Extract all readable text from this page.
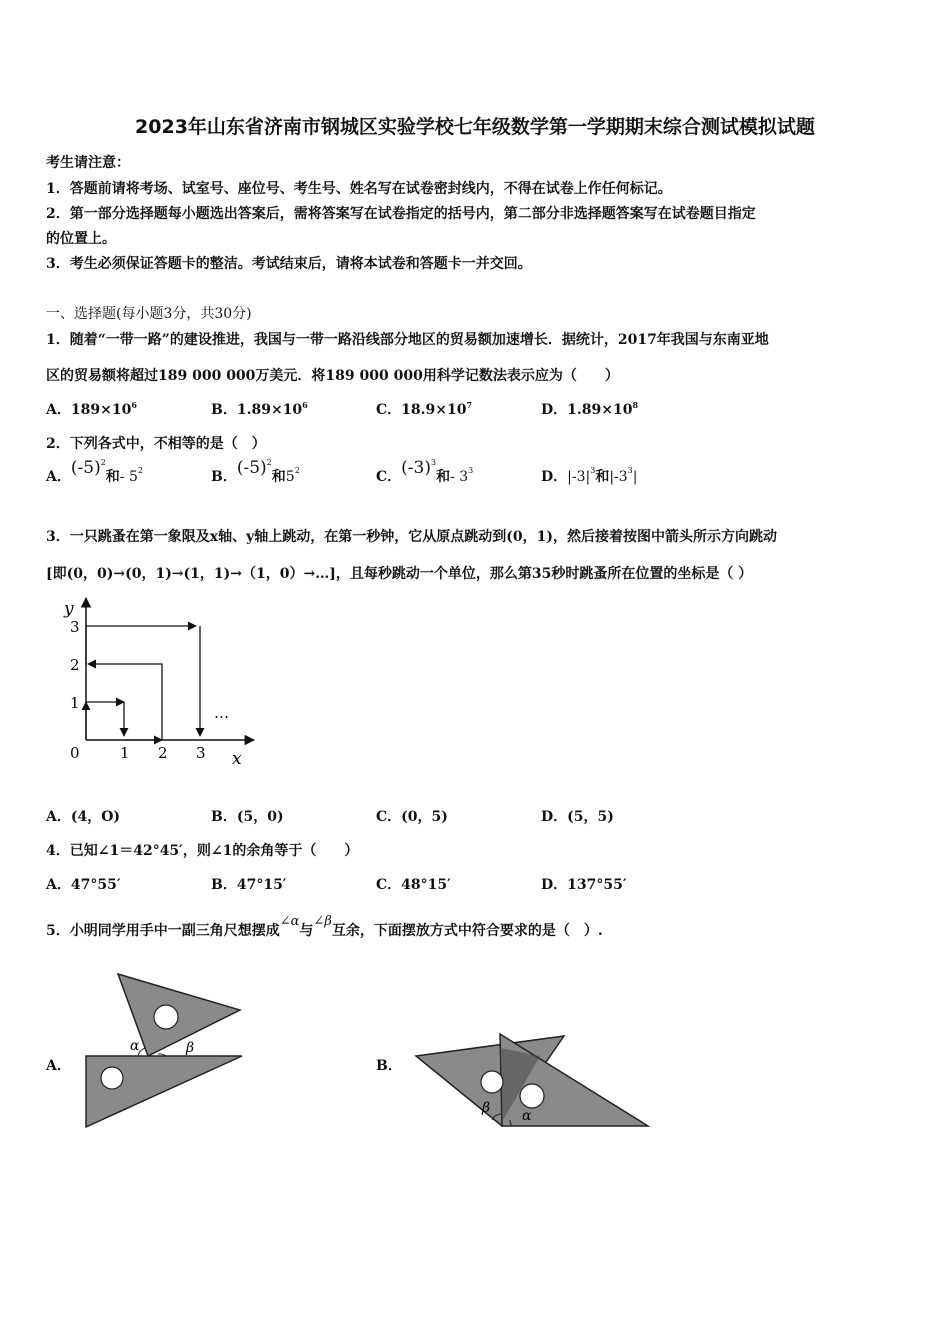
2023年山东省济南市钢城区实验学校七年级数学第一学期期末综合测试模拟试题
考生请注意：
1．答题前请将考场、试室号、座位号、考生号、姓名写在试卷密封线内，不得在试卷上作任何标记。
2．第一部分选择题每小题选出答案后，需将答案写在试卷指定的括号内，第二部分非选择题答案写在试卷题目指定
的位置上。
3．考生必须保证答题卡的整洁。考试结束后，请将本试卷和答题卡一并交回。
一、选择题(每小题3分，共30分)
1．随着“一带一路”的建设推进，我国与一带一路沿线部分地区的贸易额加速增长．据统计，2017年我国与东南亚地
区的贸易额将超过189 000 000万美元．将189 000 000用科学记数法表示应为（　　）
A．$189\times 10^6$	B．$1.89\times 10^6$	C．$18.9\times 10^7$	D．$1.89\times 10^8$
2．下列各式中，不相等的是（　）
A．$(-5)^2$和- $5^2$	B．$(-5)^2$和$5^2$	C．$(-3)^3$和- $3^3$	D．$|-3|^3$和$|-3^3|$
3．一只跳蚤在第一象限及x轴、y轴上跳动，在第一秒钟，它从原点跳动到(0，1)，然后接着按图中箭头所示方向跳动
[即(0，0)→(0，1)→(1，1)→（1，0）→…]，且每秒跳动一个单位，那么第35秒时跳蚤所在位置的坐标是（ ）
y
x
0	1 2 3
1
2
3
…
A．(4，O)	B．(5，0)	C．(0，5)	D．(5，5)
4．已知∠1＝42°45′，则∠1的余角等于（　　）
A．47°55′	B．47°15′	C．48°15′	D．137°55′
5．小明同学用手中一副三角尺想摆成∠α与∠β互余，下面摆放方式中符合要求的是（　）.
A．
α	β
B．
β α
